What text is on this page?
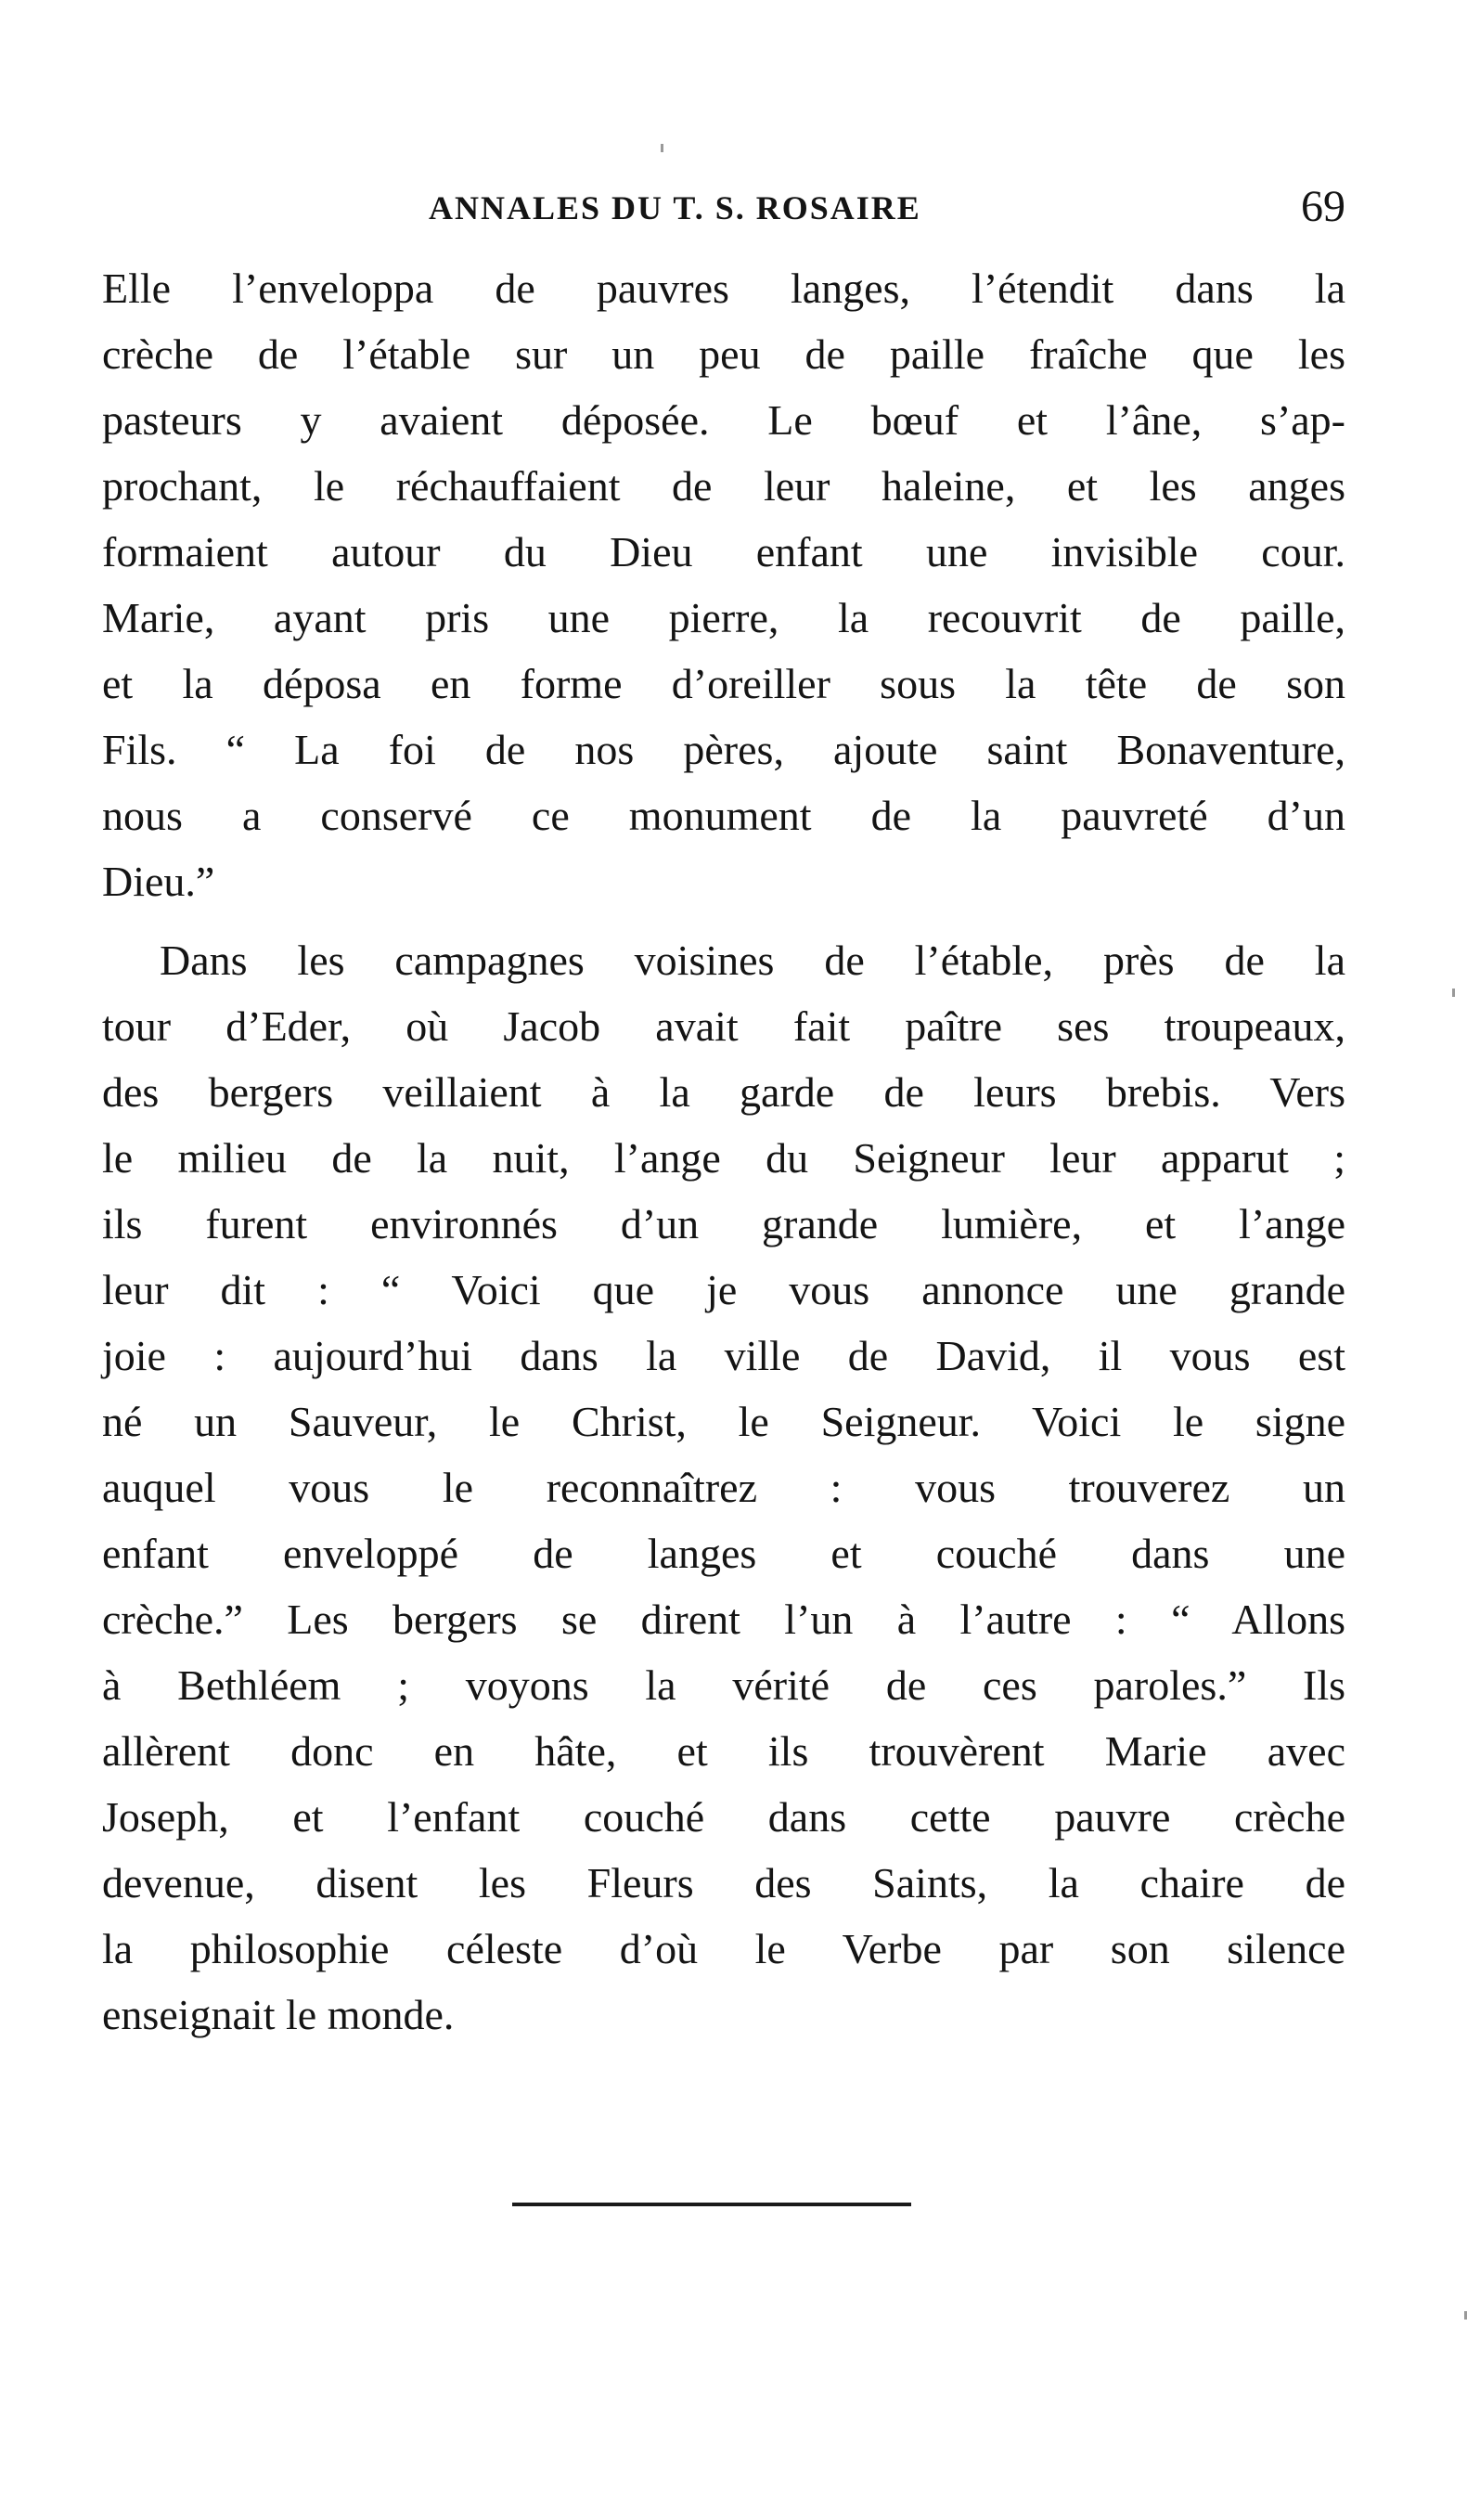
ANNALES DU T. S. ROSAIRE	69
Elle l’enveloppa de pauvres langes, l’étendit dans la
crèche de l’étable sur un peu de paille fraîche que les
pasteurs y avaient déposée. Le bœuf et l’âne, s’ap-
prochant, le réchauffaient de leur haleine, et les anges
formaient autour du Dieu enfant une invisible cour.
Marie, ayant pris une pierre, la recouvrit de paille,
et la déposa en forme d’oreiller sous la tête de son
Fils. “ La foi de nos pères, ajoute saint Bonaventure,
nous a conservé ce monument de la pauvreté d’un
Dieu.”
Dans les campagnes voisines de l’étable, près de la
tour d’Eder, où Jacob avait fait paître ses troupeaux,
des bergers veillaient à la garde de leurs brebis. Vers
le milieu de la nuit, l’ange du Seigneur leur apparut ;
ils furent environnés d’un grande lumière, et l’ange
leur dit : “ Voici que je vous annonce une grande
joie : aujourd’hui dans la ville de David, il vous est
né un Sauveur, le Christ, le Seigneur. Voici le signe
auquel vous le reconnaîtrez : vous trouverez un
enfant enveloppé de langes et couché dans une
crèche.” Les bergers se dirent l’un à l’autre : “ Allons
à Bethléem ; voyons la vérité de ces paroles.” Ils
allèrent donc en hâte, et ils trouvèrent Marie avec
Joseph, et l’enfant couché dans cette pauvre crèche
devenue, disent les Fleurs des Saints, la chaire de
la philosophie céleste d’où le Verbe par son silence
enseignait le monde.
